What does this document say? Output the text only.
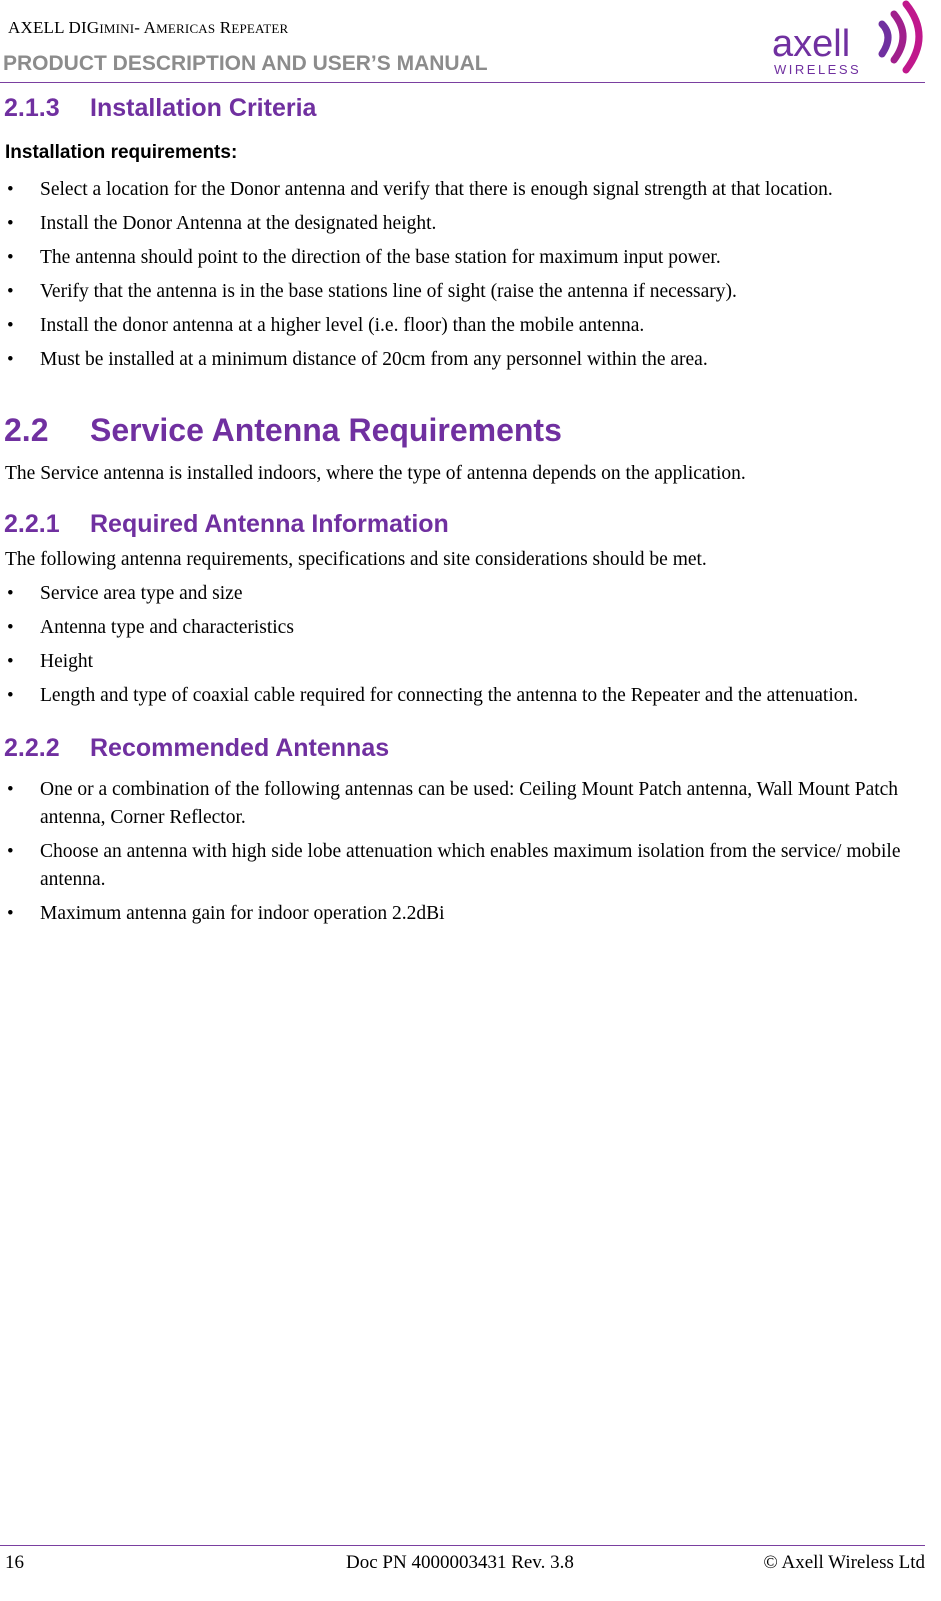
AXELL DIGIMINI- AMERICAS REPEATER
PRODUCT DESCRIPTION AND USER’S MANUAL	axell
WIRELESS
2.1.3 Installation Criteria
Installation requirements:
• Select a location for the Donor antenna and verify that there is enough signal strength at that location.
• Install the Donor Antenna at the designated height.
• The antenna should point to the direction of the base station for maximum input power.
• Verify that the antenna is in the base stations line of sight (raise the antenna if necessary).
• Install the donor antenna at a higher level (i.e. floor) than the mobile antenna.
• Must be installed at a minimum distance of 20cm from any personnel within the area.
2.2 Service Antenna Requirements

The Service antenna is installed indoors, where the type of antenna depends on the application.

2.2.1 Required Antenna Information

The following antenna requirements, specifications and site considerations should be met.

• Service area type and size
• Antenna type and characteristics
• Height
• Length and type of coaxial cable required for connecting the antenna to the Repeater and the attenuation.
2.2.2 Recommended Antennas
• One or a combination of the following antennas can be used: Ceiling Mount Patch antenna, Wall Mount Patch antenna, Corner Reflector.
• Choose an antenna with high side lobe attenuation which enables maximum isolation from the service/ mobile antenna.
• Maximum antenna gain for indoor operation 2.2dBi
16	Doc PN 4000003431 Rev. 3.8	© Axell Wireless Ltd
